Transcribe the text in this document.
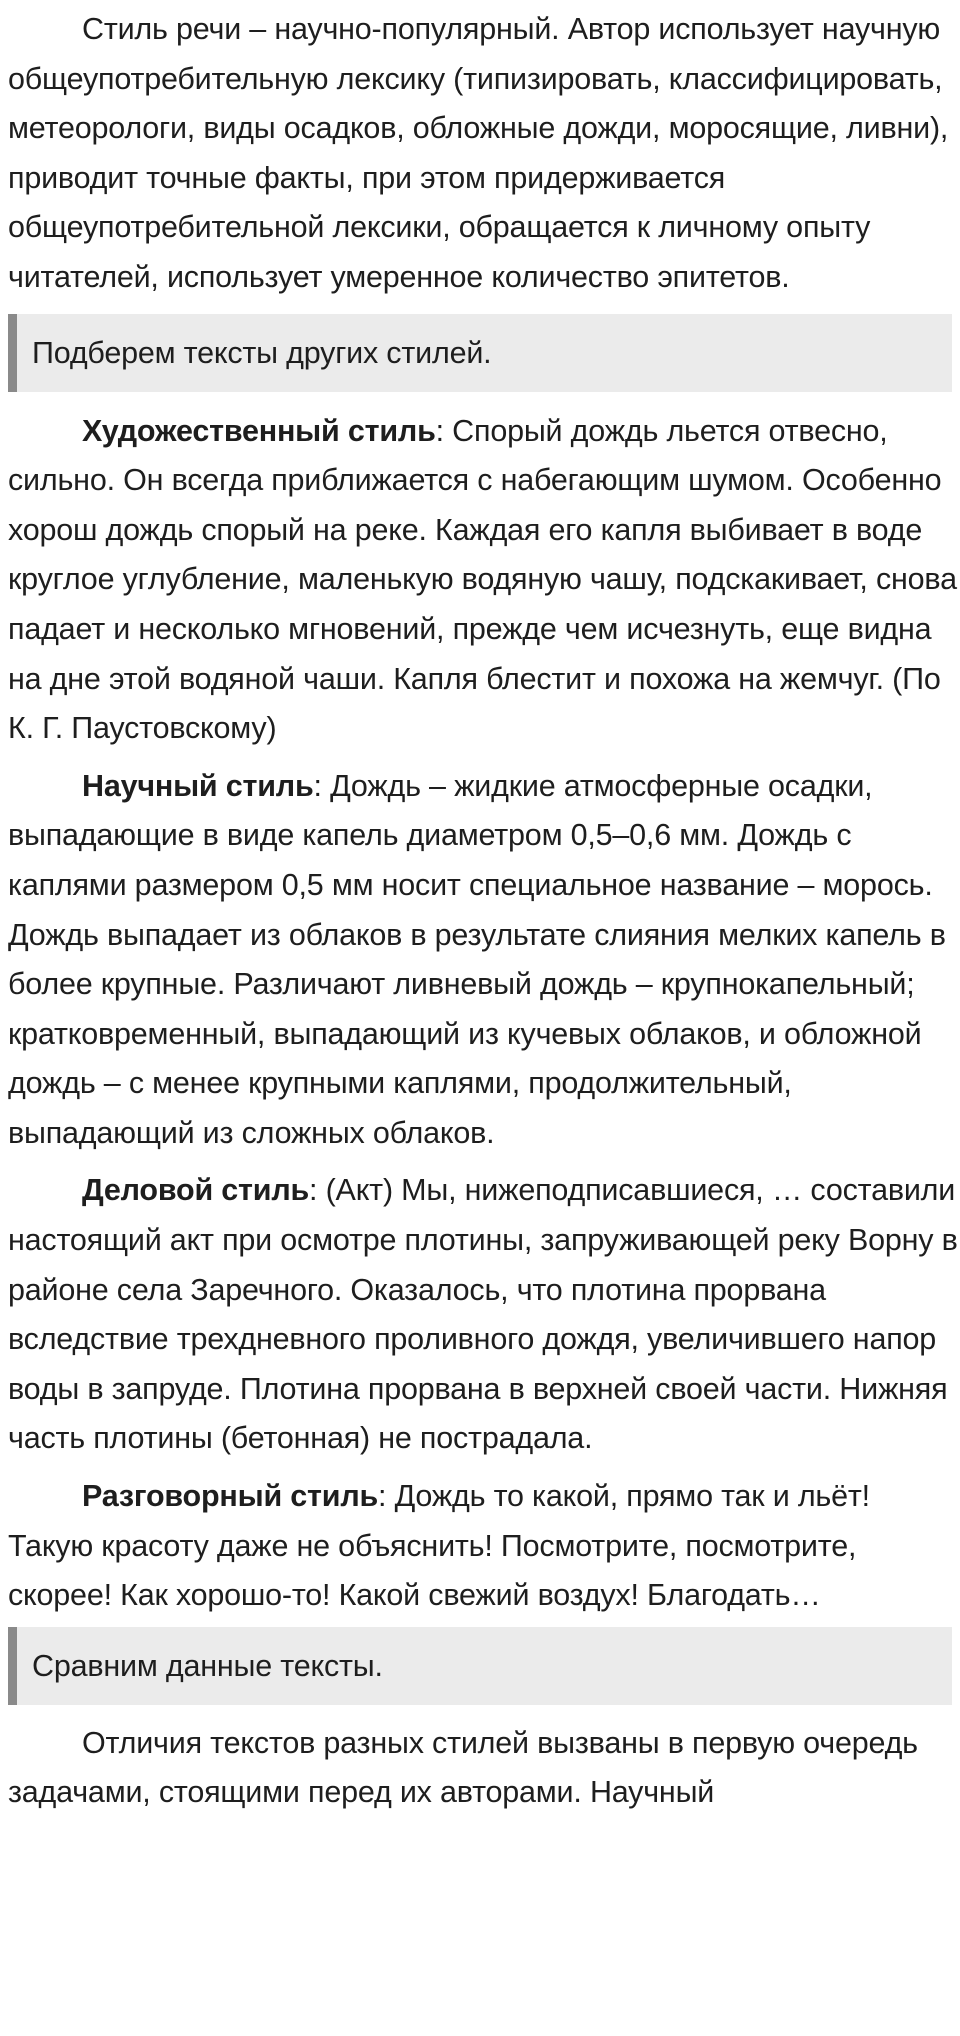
Стиль речи – научно-популярный. Автор использует научную общеупотребительную лексику (типизировать, классифицировать, метеорологи, виды осадков, обложные дожди, моросящие, ливни), приводит точные факты, при этом придерживается общеупотребительной лексики, обращается к личному опыту читателей, использует умеренное количество эпитетов.

Подберем тексты других стилей.

Художественный стиль: Спорый дождь льется отвесно, сильно. Он всегда приближается с набегающим шумом. Особенно хорош дождь спорый на реке. Каждая его капля выбивает в воде круглое углубление, маленькую водяную чашу, подскакивает, снова падает и несколько мгновений, прежде чем исчезнуть, еще видна на дне этой водяной чаши. Капля блестит и похожа на жемчуг. (По К. Г. Паустовскому)

Научный стиль: Дождь – жидкие атмосферные осадки, выпадающие в виде капель диаметром 0,5–0,6 мм. Дождь с каплями размером 0,5 мм носит специальное название – морось. Дождь выпадает из облаков в результате слияния мелких капель в более крупные. Различают ливневый дождь – крупнокапельный; кратковременный, выпадающий из кучевых облаков, и обложной дождь – с менее крупными каплями, продолжительный, выпадающий из сложных облаков.

Деловой стиль: (Акт) Мы, нижеподписавшиеся, … составили настоящий акт при осмотре плотины, запруживающей реку Ворну в районе села Заречного. Оказалось, что плотина прорвана вследствие трехдневного проливного дождя, увеличившего напор воды в запруде. Плотина прорвана в верхней своей части. Нижняя часть плотины (бетонная) не пострадала.

Разговорный стиль: Дождь то какой, прямо так и льёт! Такую красоту даже не объяснить! Посмотрите, посмотрите, скорее! Как хорошо-то! Какой свежий воздух! Благодать…

Сравним данные тексты.

Отличия текстов разных стилей вызваны в первую очередь задачами, стоящими перед их авторами. Научный
